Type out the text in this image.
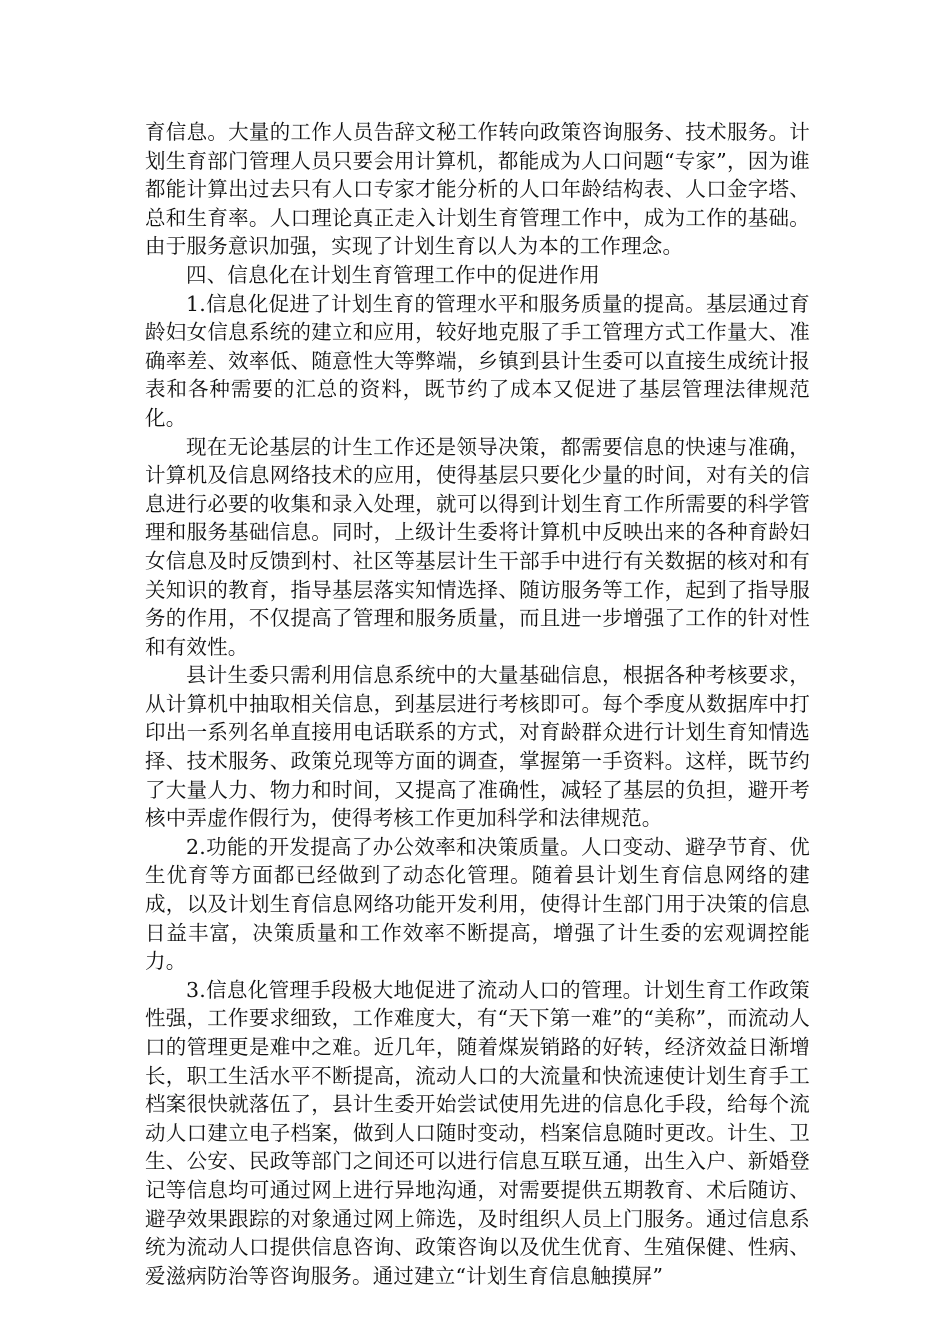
育信息。大量的工作人员告辞文秘工作转向政策咨询服务、技术服务。计划生育部门管理人员只要会用计算机，都能成为人口问题“专家”，因为谁都能计算出过去只有人口专家才能分析的人口年龄结构表、人口金字塔、总和生育率。人口理论真正走入计划生育管理工作中，成为工作的基础。由于服务意识加强，实现了计划生育以人为本的工作理念。

四、信息化在计划生育管理工作中的促进作用

1.信息化促进了计划生育的管理水平和服务质量的提高。基层通过育龄妇女信息系统的建立和应用，较好地克服了手工管理方式工作量大、准确率差、效率低、随意性大等弊端，乡镇到县计生委可以直接生成统计报表和各种需要的汇总的资料，既节约了成本又促进了基层管理法律规范化。

现在无论基层的计生工作还是领导决策，都需要信息的快速与准确，计算机及信息网络技术的应用，使得基层只要化少量的时间，对有关的信息进行必要的收集和录入处理，就可以得到计划生育工作所需要的科学管理和服务基础信息。同时，上级计生委将计算机中反映出来的各种育龄妇女信息及时反馈到村、社区等基层计生干部手中进行有关数据的核对和有关知识的教育，指导基层落实知情选择、随访服务等工作，起到了指导服务的作用，不仅提高了管理和服务质量，而且进一步增强了工作的针对性和有效性。

县计生委只需利用信息系统中的大量基础信息，根据各种考核要求，从计算机中抽取相关信息，到基层进行考核即可。每个季度从数据库中打印出一系列名单直接用电话联系的方式，对育龄群众进行计划生育知情选择、技术服务、政策兑现等方面的调查，掌握第一手资料。这样，既节约了大量人力、物力和时间，又提高了准确性，减轻了基层的负担，避开考核中弄虚作假行为，使得考核工作更加科学和法律规范。

2.功能的开发提高了办公效率和决策质量。人口变动、避孕节育、优生优育等方面都已经做到了动态化管理。随着县计划生育信息网络的建成，以及计划生育信息网络功能开发利用，使得计生部门用于决策的信息日益丰富，决策质量和工作效率不断提高，增强了计生委的宏观调控能力。

3.信息化管理手段极大地促进了流动人口的管理。计划生育工作政策性强，工作要求细致，工作难度大，有“天下第一难”的“美称”，而流动人口的管理更是难中之难。近几年，随着煤炭销路的好转，经济效益日渐增长，职工生活水平不断提高，流动人口的大流量和快流速使计划生育手工档案很快就落伍了，县计生委开始尝试使用先进的信息化手段，给每个流动人口建立电子档案，做到人口随时变动，档案信息随时更改。计生、卫生、公安、民政等部门之间还可以进行信息互联互通，出生入户、新婚登记等信息均可通过网上进行异地沟通，对需要提供五期教育、术后随访、避孕效果跟踪的对象通过网上筛选，及时组织人员上门服务。通过信息系统为流动人口提供信息咨询、政策咨询以及优生优育、生殖保健、性病、爱滋病防治等咨询服务。通过建立“计划生育信息触摸屏”
